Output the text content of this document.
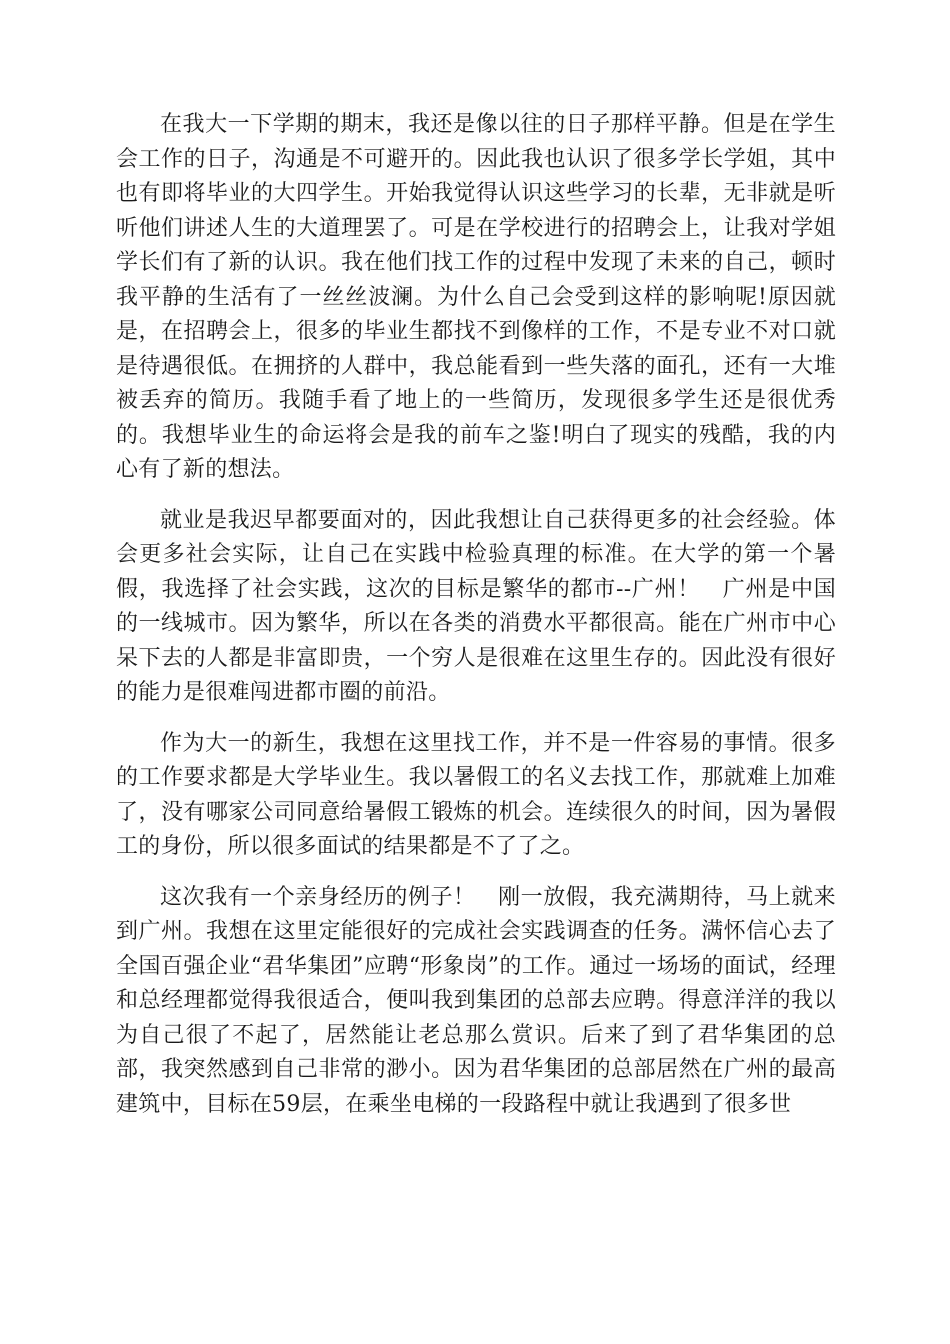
在我大一下学期的期末，我还是像以往的日子那样平静。但是在学生会工作的日子，沟通是不可避开的。因此我也认识了很多学长学姐，其中也有即将毕业的大四学生。开始我觉得认识这些学习的长辈，无非就是听听他们讲述人生的大道理罢了。可是在学校进行的招聘会上，让我对学姐学长们有了新的认识。我在他们找工作的过程中发现了未来的自己，顿时我平静的生活有了一丝丝波澜。为什么自己会受到这样的影响呢!原因就是，在招聘会上，很多的毕业生都找不到像样的工作，不是专业不对口就是待遇很低。在拥挤的人群中，我总能看到一些失落的面孔，还有一大堆被丢弃的简历。我随手看了地上的一些简历，发现很多学生还是很优秀的。我想毕业生的命运将会是我的前车之鉴!明白了现实的残酷，我的内心有了新的想法。

就业是我迟早都要面对的，因此我想让自己获得更多的社会经验。体会更多社会实际，让自己在实践中检验真理的标准。在大学的第一个暑假，我选择了社会实践，这次的目标是繁华的都市--广州！　广州是中国的一线城市。因为繁华，所以在各类的消费水平都很高。能在广州市中心呆下去的人都是非富即贵，一个穷人是很难在这里生存的。因此没有很好的能力是很难闯进都市圈的前沿。

作为大一的新生，我想在这里找工作，并不是一件容易的事情。很多的工作要求都是大学毕业生。我以暑假工的名义去找工作，那就难上加难了，没有哪家公司同意给暑假工锻炼的机会。连续很久的时间，因为暑假工的身份，所以很多面试的结果都是不了了之。

这次我有一个亲身经历的例子！　刚一放假，我充满期待，马上就来到广州。我想在这里定能很好的完成社会实践调查的任务。满怀信心去了全国百强企业“君华集团”应聘“形象岗”的工作。通过一场场的面试，经理和总经理都觉得我很适合，便叫我到集团的总部去应聘。得意洋洋的我以为自己很了不起了，居然能让老总那么赏识。后来了到了君华集团的总部，我突然感到自己非常的渺小。因为君华集团的总部居然在广州的最高建筑中，目标在59层，在乘坐电梯的一段路程中就让我遇到了很多世
